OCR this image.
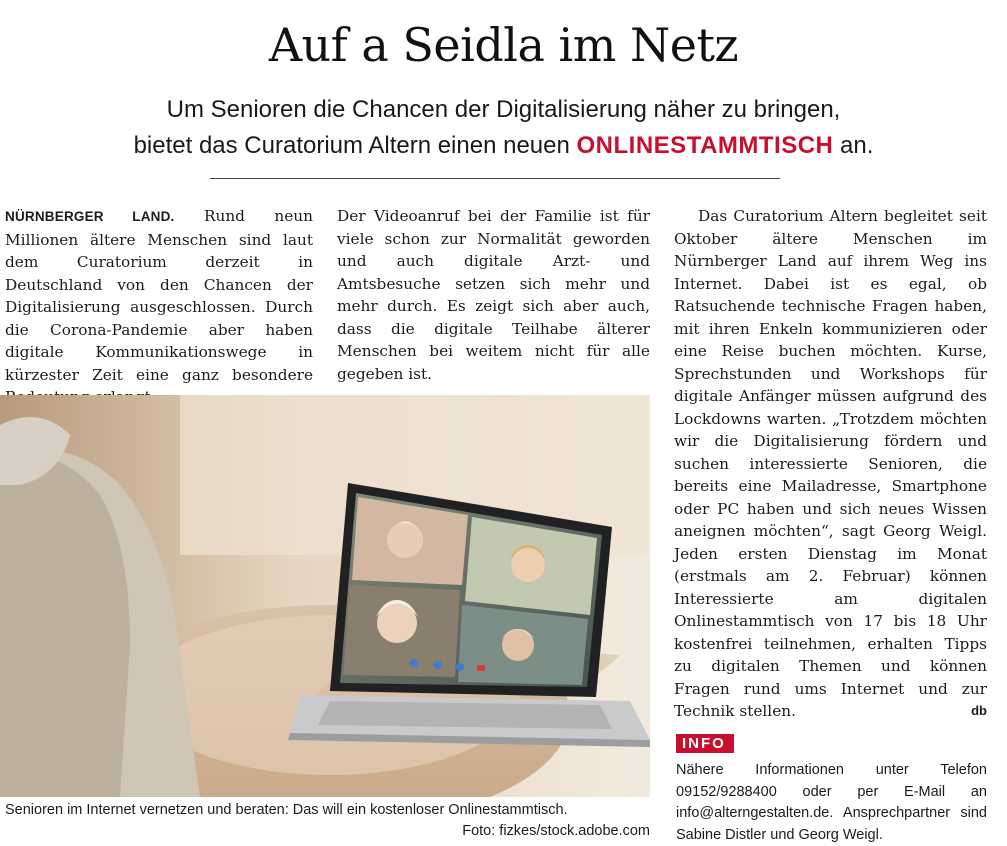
Auf a Seidla im Netz
Um Senioren die Chancen der Digitalisierung näher zu bringen,
bietet das Curatorium Altern einen neuen ONLINESTAMMTISCH an.

NÜRNBERGER LAND. Rund neun Millionen ältere Menschen sind laut dem Curatorium derzeit in Deutschland von den Chancen der Digitalisierung ausgeschlossen. Durch die Corona-Pandemie aber haben digitale Kommunikationswege in kürzester Zeit eine ganz besondere

Der Videoanruf bei der Familie ist für viele schon zur Normalität geworden und auch digitale Arzt- und Amtsbesuche setzen sich mehr und mehr durch. Es zeigt sich aber auch, dass die digitale Teilhabe älterer Menschen bei weitem nicht für alle gegeben ist.

Das Curatorium Altern begleitet seit Oktober ältere Menschen im Nürnberger Land auf ihrem Weg ins Internet. Dabei ist es egal, ob Ratsuchende technische Fragen haben, mit ihren Enkeln kommunizieren oder eine Reise buchen möchten. Kurse, Sprechstunden und Workshops für digitale Anfänger müssen aufgrund des Lockdowns warten. „Trotzdem möchten wir die Digitalisierung fördern und suchen interessierte Senioren, die bereits eine Mailadresse, Smartphone oder PC haben und sich neues Wissen aneignen möchten“, sagt Georg Weigl. Jeden ersten Dienstag im Monat (erstmals am 2. Februar) können Interessierte am digitalen Onlinestammtisch von 17 bis 18 Uhr kostenfrei teilnehmen, erhalten Tipps zu digitalen Themen und können Fragen rund ums Internet und zur Technik stellen.	db

Senioren im Internet vernetzen und beraten: Das will ein kostenloser Onlinestammtisch.
Foto: fizkes/stock.adobe.com
INFO
Nähere Informationen unter Telefon 09152/9288400 oder per E-Mail an info@alterngestalten.de. Ansprechpartner sind Sabine Distler und Georg Weigl.
